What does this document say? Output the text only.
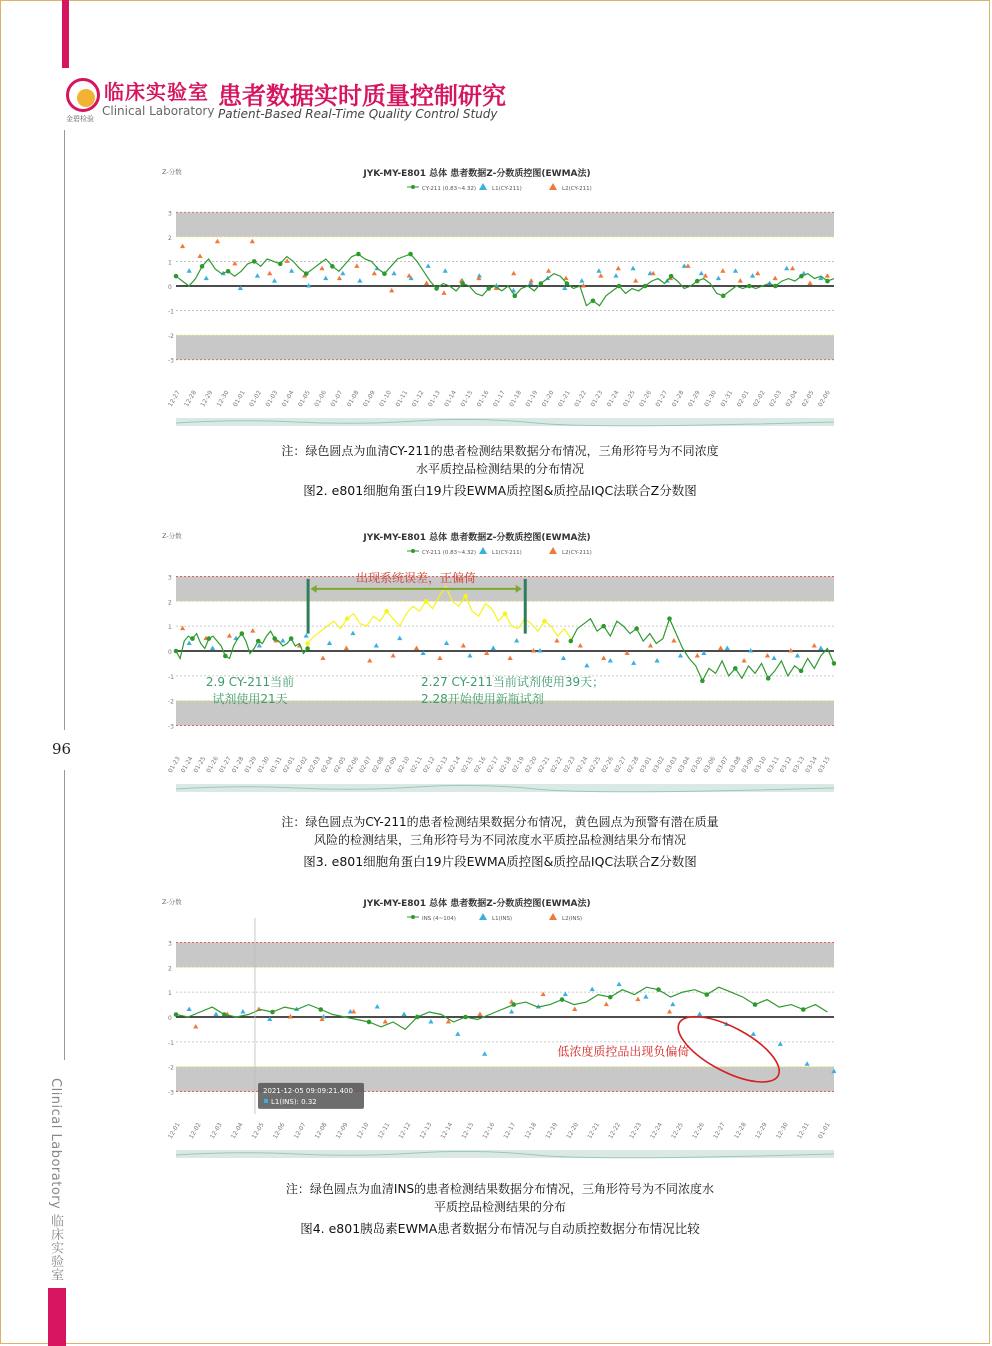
临床实验室
Clinical Laboratory
金碧检验
患者数据实时质量控制研究
Patient-Based Real-Time Quality Control Study
96
Clinical Laboratory 临床实验室
3
2
1
0
-1
-2
-3
Z-分数	JYK-MY-E801 总体 患者数据Z-分数质控图(EWMA法)
CY-211 (0.83~4.32)	L1(CY-211)	L2(CY-211)
12-27 12-28 12-29 12-30 01-01 01-02 01-03 01-04 01-05 01-06 01-07 01-08 01-09 01-10 01-11 01-12 01-13 01-14 01-15 01-16 01-17 01-18 01-19 01-20 01-21 01-22 01-23 01-24 01-25 01-26 01-27 01-28 01-29 01-30 01-31 02-01 02-02 02-03 02-04 02-05 02-06
注：绿色圆点为血清CY-211的患者检测结果数据分布情况，三角形符号为不同浓度
水平质控品检测结果的分布情况
图2. e801细胞角蛋白19片段EWMA质控图&质控品IQC法联合Z分数图
3
2
1
0
-1
-2
-3
Z-分数	JYK-MY-E801 总体 患者数据Z-分数质控图(EWMA法)
CY-211 (0.83~4.32)	L1(CY-211)	L2(CY-211)
01-23
01-24
01-25
01-26
01-27
01-28
01-29
01-30
01-31
02-01
02-02
02-03
02-04
02-05
02-06
02-07
02-08
02-09
02-10
02-11
02-12
02-13
02-14
02-15
02-16
02-17
02-18
02-19
02-20
02-21
02-22
02-23
02-24
02-25
02-26
02-27
02-28
03-01
03-02
03-03
03-04
03-05
03-06
03-07
03-08
03-09
03-10
03-11
03-12
03-13
03-14
03-15
出现系统误差，正偏倚
2.9 CY-211当前
试剂使用21天
2.27 CY-211当前试剂使用39天；
2.28开始使用新瓶试剂
注：绿色圆点为CY-211的患者检测结果数据分布情况，黄色圆点为预警有潜在质量
风险的检测结果，三角形符号为不同浓度水平质控品检测结果分布情况
图3. e801细胞角蛋白19片段EWMA质控图&质控品IQC法联合Z分数图
3
2
1
0
-1
-2
-3
Z-分数	JYK-MY-E801 总体 患者数据Z-分数质控图(EWMA法)
INS (4~104)	L1(INS)	L2(INS)
12-01 12-02 12-03 12-04 12-05 12-06 12-07 12-08 12-09 12-10 12-11 12-12 12-13 12-14 12-15 12-16 12-17 12-18 12-19 12-20 12-21 12-22 12-23 12-24 12-25 12-26 12-27 12-28 12-29 12-30 12-31 01-01
低浓度质控品出现负偏倚
2021-12-05 09:09:21.400
L1(INS): 0.32
注：绿色圆点为血清INS的患者检测结果数据分布情况，三角形符号为不同浓度水
平质控品检测结果的分布
图4. e801胰岛素EWMA患者数据分布情况与自动质控数据分布情况比较
